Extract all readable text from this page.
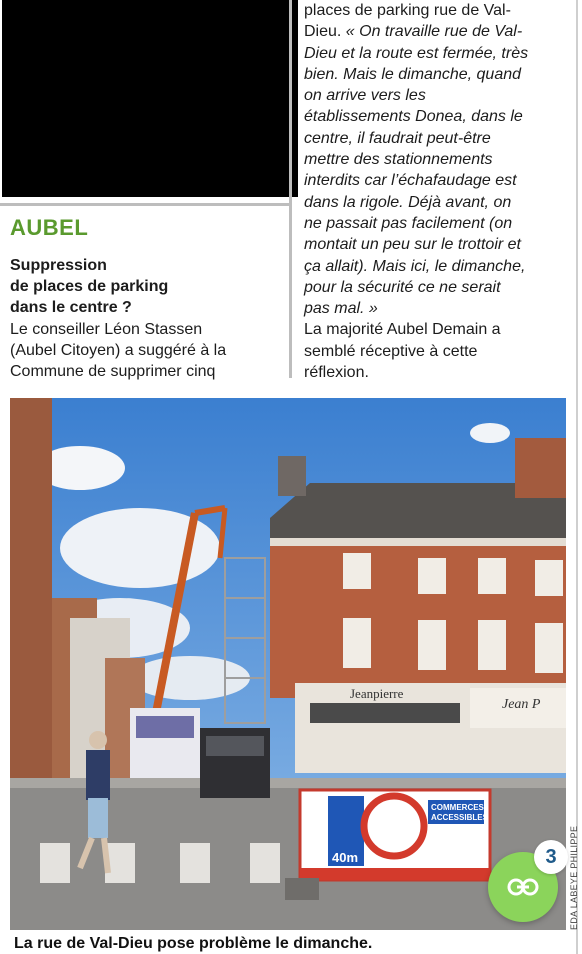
AUBEL
Suppression
de places de parking
dans le centre ?
Le conseiller Léon Stassen
(Aubel Citoyen) a suggéré à la
Commune de supprimer cinq
places de parking rue de Val-
Dieu. « On travaille rue de Val-
Dieu et la route est fermée, très
bien. Mais le dimanche, quand
on arrive vers les
établissements Donea, dans le
centre, il faudrait peut-être
mettre des stationnements
interdits car l’échafaudage est
dans la rigole. Déjà avant, on
ne passait pas facilement (on
montait un peu sur le trottoir et
ça allait). Mais ici, le dimanche,
pour la sécurité ce ne serait
pas mal. »
La majorité Aubel Demain a
semblé réceptive à cette
réflexion.
Jeanpierre
Jean P
40m
COMMERCES
ACCESSIBLES
EDA LABEYE PHILIPPE
3
La rue de Val-Dieu pose problème le dimanche.
